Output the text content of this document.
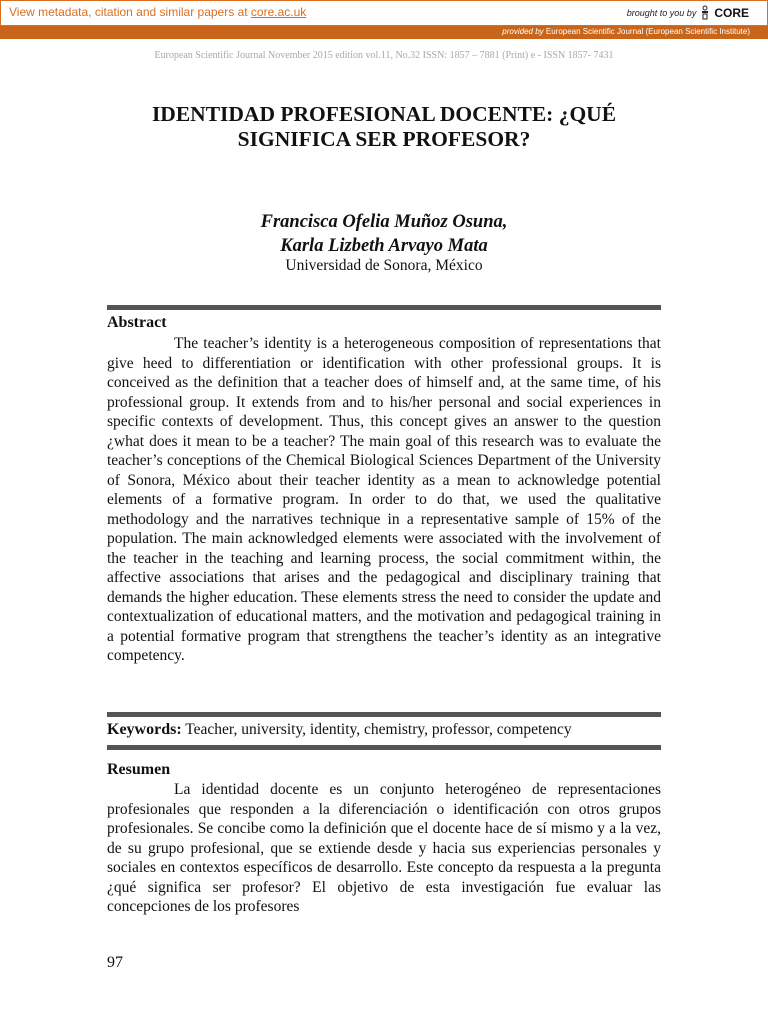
View metadata, citation and similar papers at core.ac.uk	brought to you by CORE
provided by European Scientific Journal (European Scientific Institute)
European Scientific Journal November 2015 edition vol.11, No.32 ISSN: 1857 – 7881 (Print) e - ISSN 1857- 7431
IDENTIDAD PROFESIONAL DOCENTE: ¿QUÉ SIGNIFICA SER PROFESOR?
Francisca Ofelia Muñoz Osuna,
Karla Lizbeth Arvayo Mata
Universidad de Sonora, México
Abstract

The teacher’s identity is a heterogeneous composition of representations that give heed to differentiation or identification with other professional groups. It is conceived as the definition that a teacher does of himself and, at the same time, of his professional group. It extends from and to his/her personal and social experiences in specific contexts of development. Thus, this concept gives an answer to the question ¿what does it mean to be a teacher? The main goal of this research was to evaluate the teacher’s conceptions of the Chemical Biological Sciences Department of the University of Sonora, México about their teacher identity as a mean to acknowledge potential elements of a formative program. In order to do that, we used the qualitative methodology and the narratives technique in a representative sample of 15% of the population. The main acknowledged elements were associated with the involvement of the teacher in the teaching and learning process, the social commitment within, the affective associations that arises and the pedagogical and disciplinary training that demands the higher education. These elements stress the need to consider the update and contextualization of educational matters, and the motivation and pedagogical training in a potential formative program that strengthens the teacher’s identity as an integrative competency.

Keywords: Teacher, university, identity, chemistry, professor, competency
Resumen

La identidad docente es un conjunto heterogéneo de representaciones profesionales que responden a la diferenciación o identificación con otros grupos profesionales. Se concibe como la definición que el docente hace de sí mismo y a la vez, de su grupo profesional, que se extiende desde y hacia sus experiencias personales y sociales en contextos específicos de desarrollo. Este concepto da respuesta a la pregunta ¿qué significa ser profesor? El objetivo de esta investigación fue evaluar las concepciones de los profesores

97
